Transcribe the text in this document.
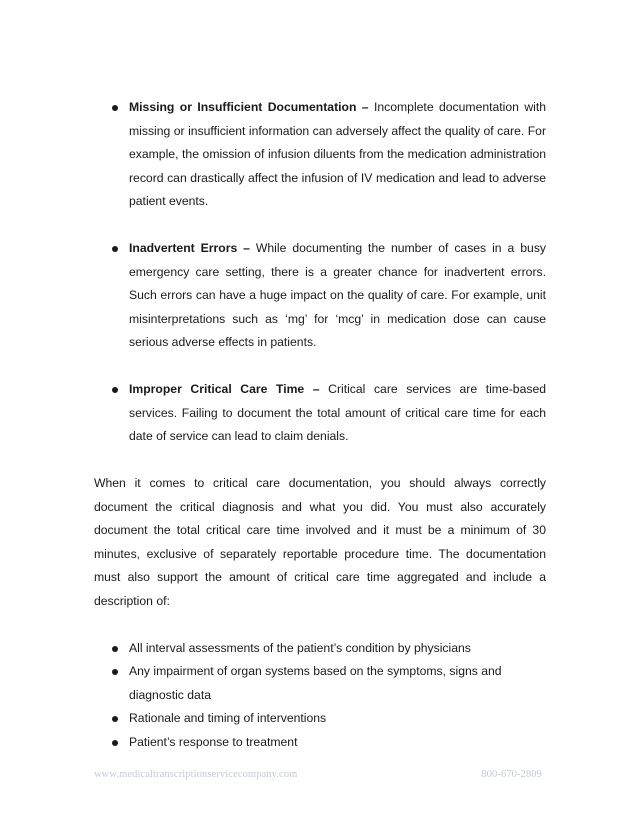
Missing or Insufficient Documentation – Incomplete documentation with missing or insufficient information can adversely affect the quality of care. For example, the omission of infusion diluents from the medication administration record can drastically affect the infusion of IV medication and lead to adverse patient events.
Inadvertent Errors – While documenting the number of cases in a busy emergency care setting, there is a greater chance for inadvertent errors. Such errors can have a huge impact on the quality of care. For example, unit misinterpretations such as ‘mg’ for ‘mcg’ in medication dose can cause serious adverse effects in patients.
Improper Critical Care Time – Critical care services are time-based services. Failing to document the total amount of critical care time for each date of service can lead to claim denials.
When it comes to critical care documentation, you should always correctly document the critical diagnosis and what you did. You must also accurately document the total critical care time involved and it must be a minimum of 30 minutes, exclusive of separately reportable procedure time. The documentation must also support the amount of critical care time aggregated and include a description of:
All interval assessments of the patient’s condition by physicians
Any impairment of organ systems based on the symptoms, signs and diagnostic data
Rationale and timing of interventions
Patient’s response to treatment
www.medicaltranscriptionservicecompany.com	800-670-2809
